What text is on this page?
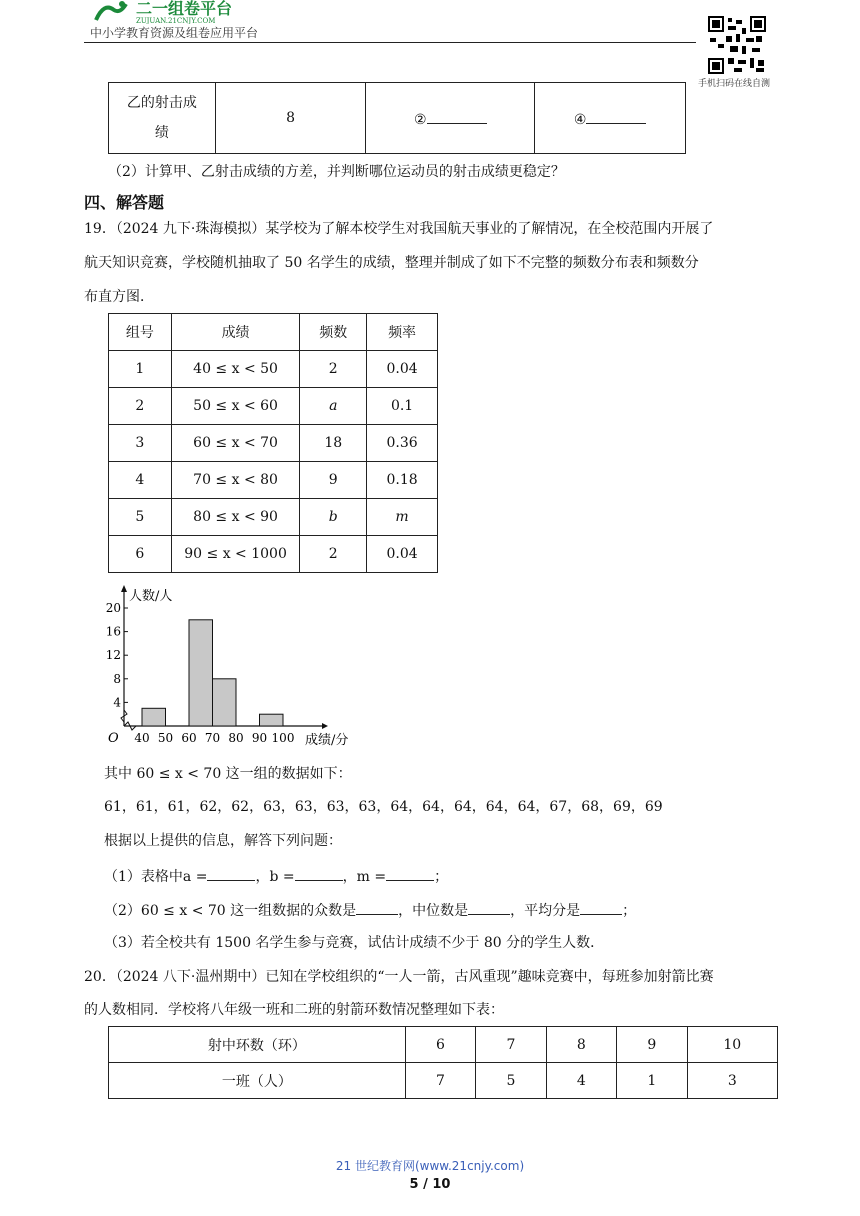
二一组卷平台
ZUJUAN.21CNJY.COM
中小学教育资源及组卷应用平台
手机扫码在线自测
乙的射击成
绩	8	②	④
（2）计算甲、乙射击成绩的方差，并判断哪位运动员的射击成绩更稳定？
四、解答题
19．（2024 九下·珠海模拟）某学校为了解本校学生对我国航天事业的了解情况，在全校范围内开展了
航天知识竞赛，学校随机抽取了 50 名学生的成绩，整理并制成了如下不完整的频数分布表和频数分
布直方图．
组号	成绩	频数	频率
1	40 ≤ x < 50	2	0.04
2	50 ≤ x < 60	a	0.1
3	60 ≤ x < 70	18	0.36
4	70 ≤ x < 80	9	0.18
5	80 ≤ x < 90	b	m
6	90 ≤ x < 1000	2	0.04
人数/人
成绩/分
O
4
8
12
16
20
40 50 60 70 80 90 100
其中 60 ≤ x < 70 这一组的数据如下：
61，61，61，62，62，63，63，63，63，64，64，64，64，64，67，68，69，69
根据以上提供的信息，解答下列问题：
（1）表格中a =	，b =	，m =	；
（2）60 ≤ x < 70 这一组数据的众数是	，中位数是	，平均分是	；
（3）若全校共有 1500 名学生参与竞赛，试估计成绩不少于 80 分的学生人数．
20．（2024 八下·温州期中）已知在学校组织的“一人一箭，古风重现”趣味竞赛中，每班参加射箭比赛
的人数相同．学校将八年级一班和二班的射箭环数情况整理如下表：
射中环数（环）	6	7	8	9	10
一班（人）	7	5	4	1	3
21 世纪教育网(www.21cnjy.com)
5 / 10
